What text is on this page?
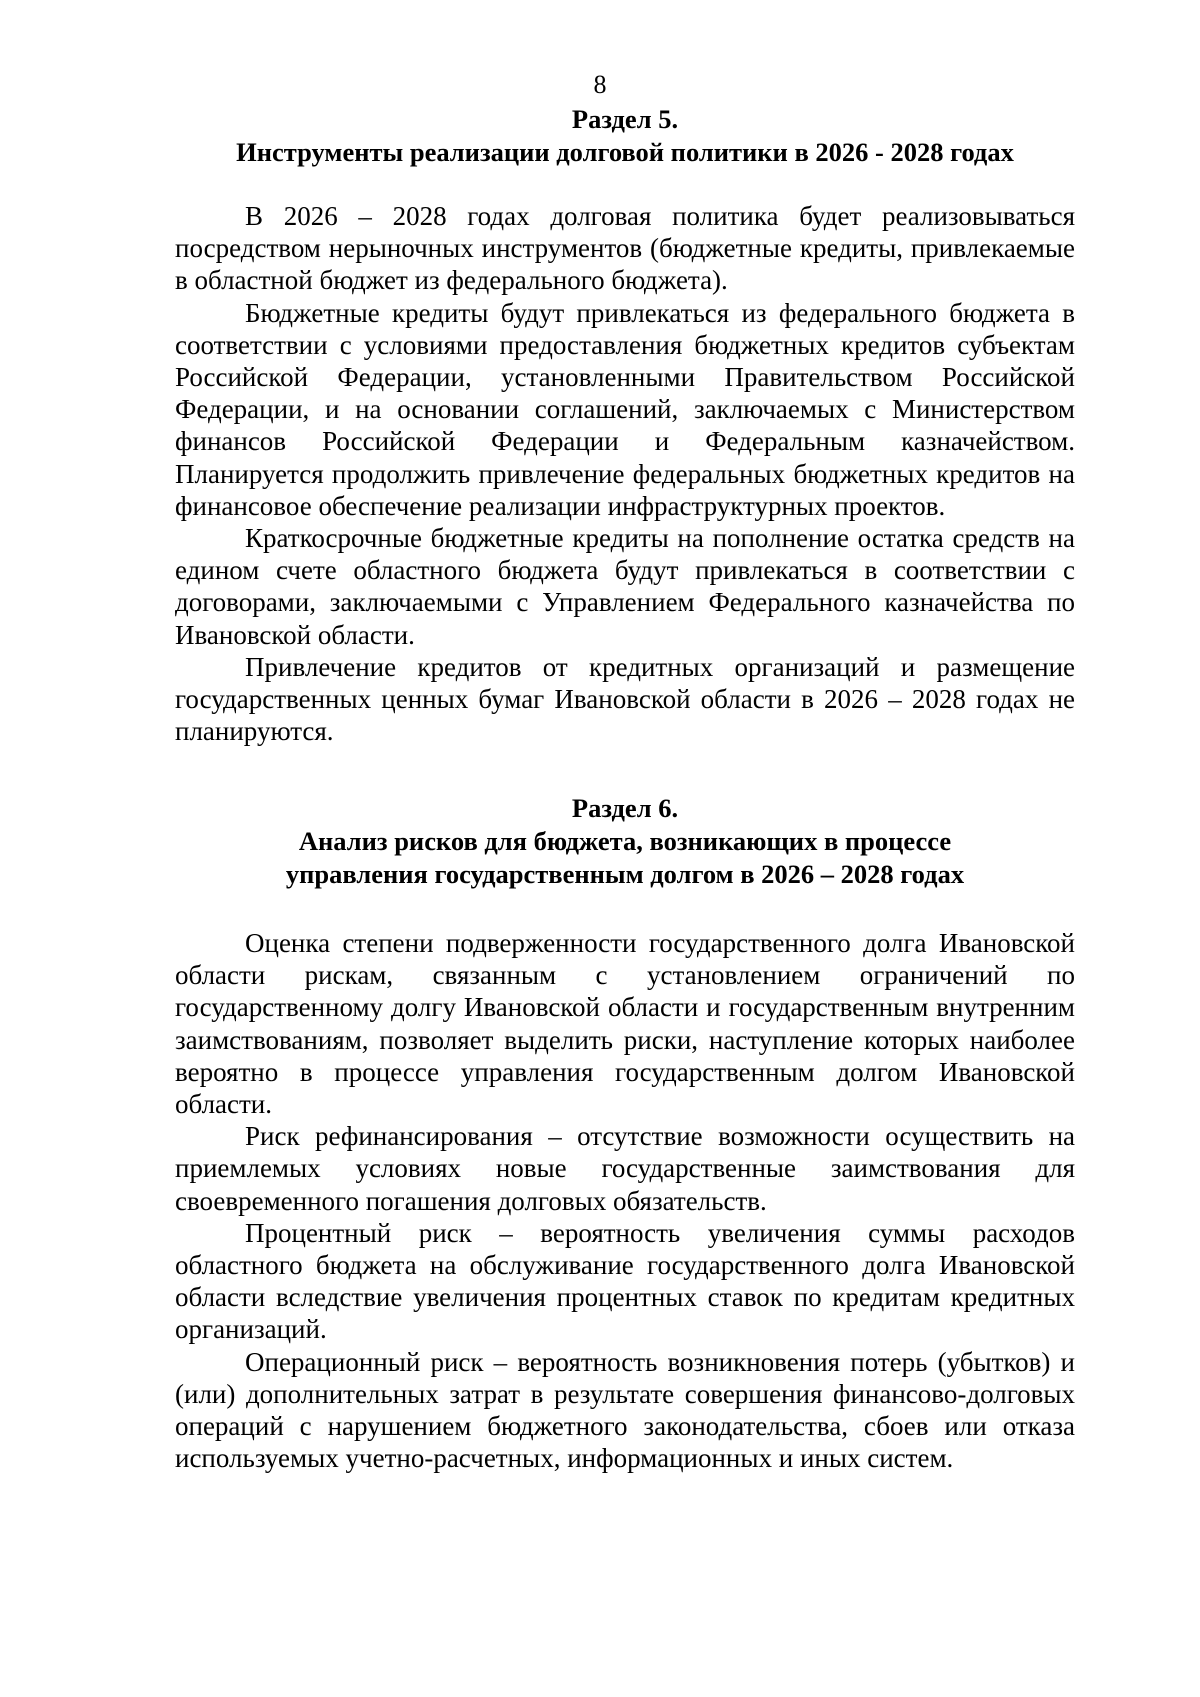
8
Раздел 5.
Инструменты реализации долговой политики в 2026 - 2028 годах

В 2026 – 2028 годах долговая политика будет реализовываться посредством нерыночных инструментов (бюджетные кредиты, привлекаемые в областной бюджет из федерального бюджета).

Бюджетные кредиты будут привлекаться из федерального бюджета в соответствии с условиями предоставления бюджетных кредитов субъектам Российской Федерации, установленными Правительством Российской Федерации, и на основании соглашений, заключаемых с Министерством финансов Российской Федерации и Федеральным казначейством. Планируется продолжить привлечение федеральных бюджетных кредитов на финансовое обеспечение реализации инфраструктурных проектов.

Краткосрочные бюджетные кредиты на пополнение остатка средств на едином счете областного бюджета будут привлекаться в соответствии с договорами, заключаемыми с Управлением Федерального казначейства по Ивановской области.

Привлечение кредитов от кредитных организаций и размещение государственных ценных бумаг Ивановской области в 2026 – 2028 годах не планируются.

Раздел 6.
Анализ рисков для бюджета, возникающих в процессе
управления государственным долгом в 2026 – 2028 годах

Оценка степени подверженности государственного долга Ивановской области рискам, связанным с установлением ограничений по государственному долгу Ивановской области и государственным внутренним заимствованиям, позволяет выделить риски, наступление которых наиболее вероятно в процессе управления государственным долгом Ивановской области.

Риск рефинансирования – отсутствие возможности осуществить на приемлемых условиях новые государственные заимствования для своевременного погашения долговых обязательств.

Процентный риск – вероятность увеличения суммы расходов областного бюджета на обслуживание государственного долга Ивановской области вследствие увеличения процентных ставок по кредитам кредитных организаций.

Операционный риск – вероятность возникновения потерь (убытков) и (или) дополнительных затрат в результате совершения финансово-долговых операций с нарушением бюджетного законодательства, сбоев или отказа используемых учетно-расчетных, информационных и иных систем.
